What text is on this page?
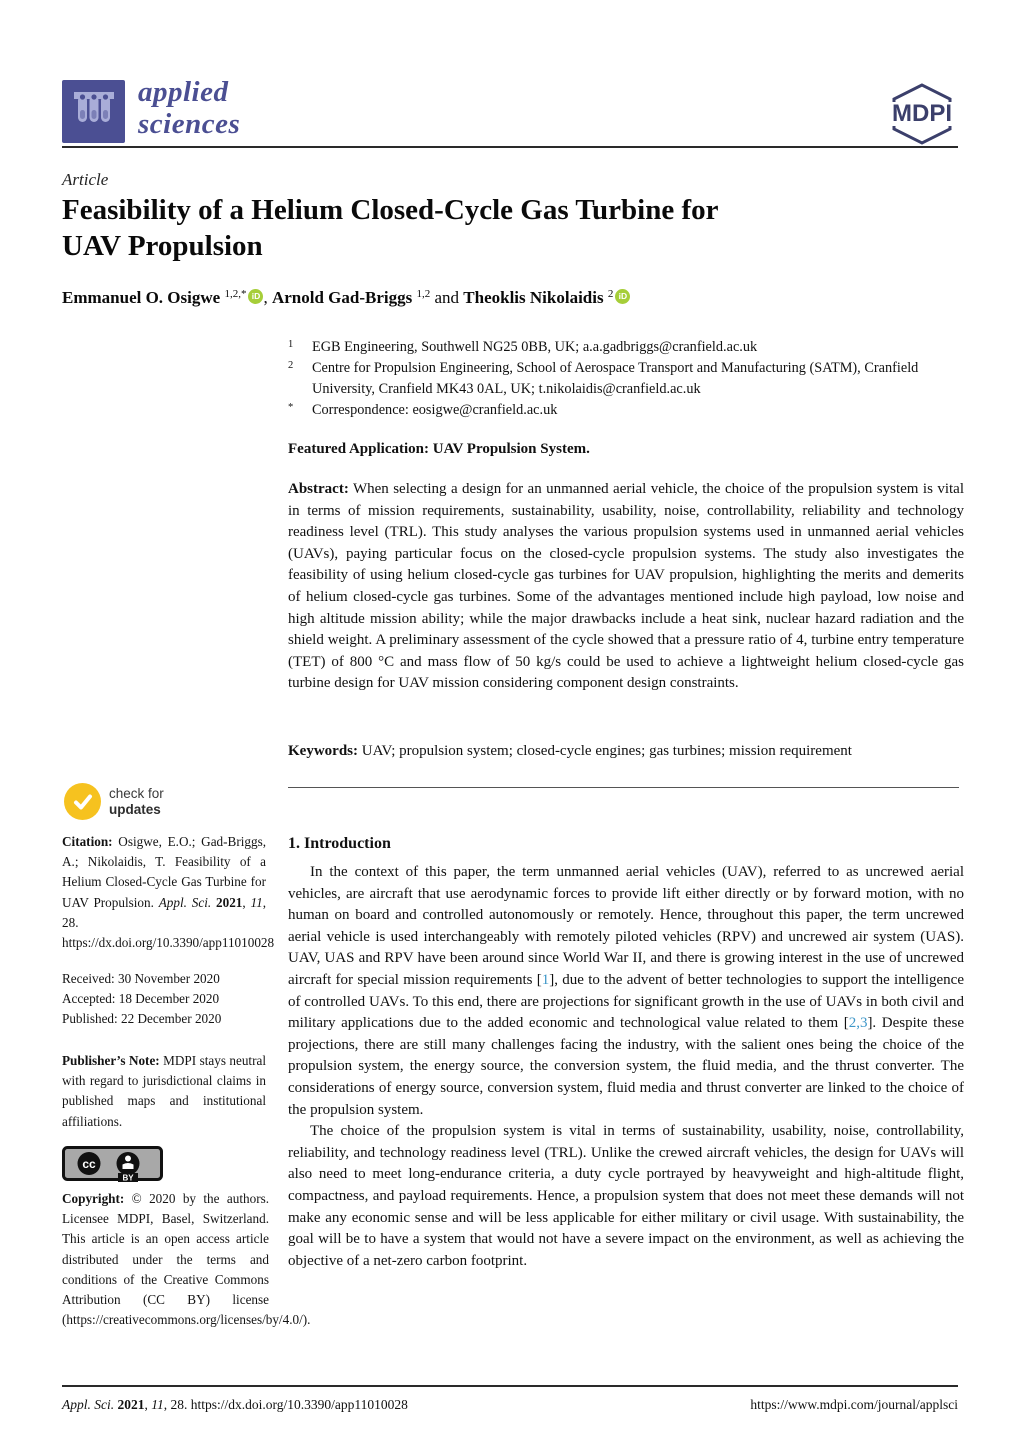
applied
sciences	MDPI
Article
Feasibility of a Helium Closed-Cycle Gas Turbine for UAV Propulsion
Emmanuel O. Osigwe $^{1,2,*}$ iD , Arnold Gad-Briggs $^{1,2}$ and Theoklis Nikolaidis $^2$ iD
1	EGB Engineering, Southwell NG25 0BB, UK; a.a.gadbriggs@cranfield.ac.uk
2	Centre for Propulsion Engineering, School of Aerospace Transport and Manufacturing (SATM), Cranfield University, Cranfield MK43 0AL, UK; t.nikolaidis@cranfield.ac.uk
*	Correspondence: eosigwe@cranfield.ac.uk
Featured Application: UAV Propulsion System.

Abstract: When selecting a design for an unmanned aerial vehicle, the choice of the propulsion system is vital in terms of mission requirements, sustainability, usability, noise, controllability, reliability and technology readiness level (TRL). This study analyses the various propulsion systems used in unmanned aerial vehicles (UAVs), paying particular focus on the closed-cycle propulsion systems. The study also investigates the feasibility of using helium closed-cycle gas turbines for UAV propulsion, highlighting the merits and demerits of helium closed-cycle gas turbines. Some of the advantages mentioned include high payload, low noise and high altitude mission ability; while the major drawbacks include a heat sink, nuclear hazard radiation and the shield weight. A preliminary assessment of the cycle showed that a pressure ratio of 4, turbine entry temperature (TET) of 800 °C and mass flow of 50 kg/s could be used to achieve a lightweight helium closed-cycle gas turbine design for UAV mission considering component design constraints.

Keywords: UAV; propulsion system; closed-cycle engines; gas turbines; mission requirement

check for
updates

Citation: Osigwe, E.O.; Gad-Briggs, A.; Nikolaidis, T. Feasibility of a Helium Closed-Cycle Gas Turbine for UAV Propulsion. Appl. Sci. 2021, 11, 28. https://dx.doi.org/10.3390/app11010028

Received: 30 November 2020
Accepted: 18 December 2020
Published: 22 December 2020

Publisher’s Note: MDPI stays neutral with regard to jurisdictional claims in published maps and institutional affiliations.

cc
BY

Copyright: © 2020 by the authors. Licensee MDPI, Basel, Switzerland. This article is an open access article distributed under the terms and conditions of the Creative Commons Attribution (CC BY) license (https://creativecommons.org/licenses/by/4.0/).

1. Introduction

In the context of this paper, the term unmanned aerial vehicles (UAV), referred to as uncrewed aerial vehicles, are aircraft that use aerodynamic forces to provide lift either directly or by forward motion, with no human on board and controlled autonomously or remotely. Hence, throughout this paper, the term uncrewed aerial vehicle is used interchangeably with remotely piloted vehicles (RPV) and uncrewed air system (UAS). UAV, UAS and RPV have been around since World War II, and there is growing interest in the use of uncrewed aircraft for special mission requirements [1], due to the advent of better technologies to support the intelligence of controlled UAVs. To this end, there are projections for significant growth in the use of UAVs in both civil and military applications due to the added economic and technological value related to them [2,3]. Despite these projections, there are still many challenges facing the industry, with the salient ones being the choice of the propulsion system, the energy source, the conversion system, the fluid media, and the thrust converter. The considerations of energy source, conversion system, fluid media and thrust converter are linked to the choice of the propulsion system.

The choice of the propulsion system is vital in terms of sustainability, usability, noise, controllability, reliability, and technology readiness level (TRL). Unlike the crewed aircraft vehicles, the design for UAVs will also need to meet long-endurance criteria, a duty cycle portrayed by heavyweight and high-altitude flight, compactness, and payload requirements. Hence, a propulsion system that does not meet these demands will not make any economic sense and will be less applicable for either military or civil usage. With sustainability, the goal will be to have a system that would not have a severe impact on the environment, as well as achieving the objective of a net-zero carbon footprint.

Appl. Sci. 2021, 11, 28. https://dx.doi.org/10.3390/app11010028	https://www.mdpi.com/journal/applsci
